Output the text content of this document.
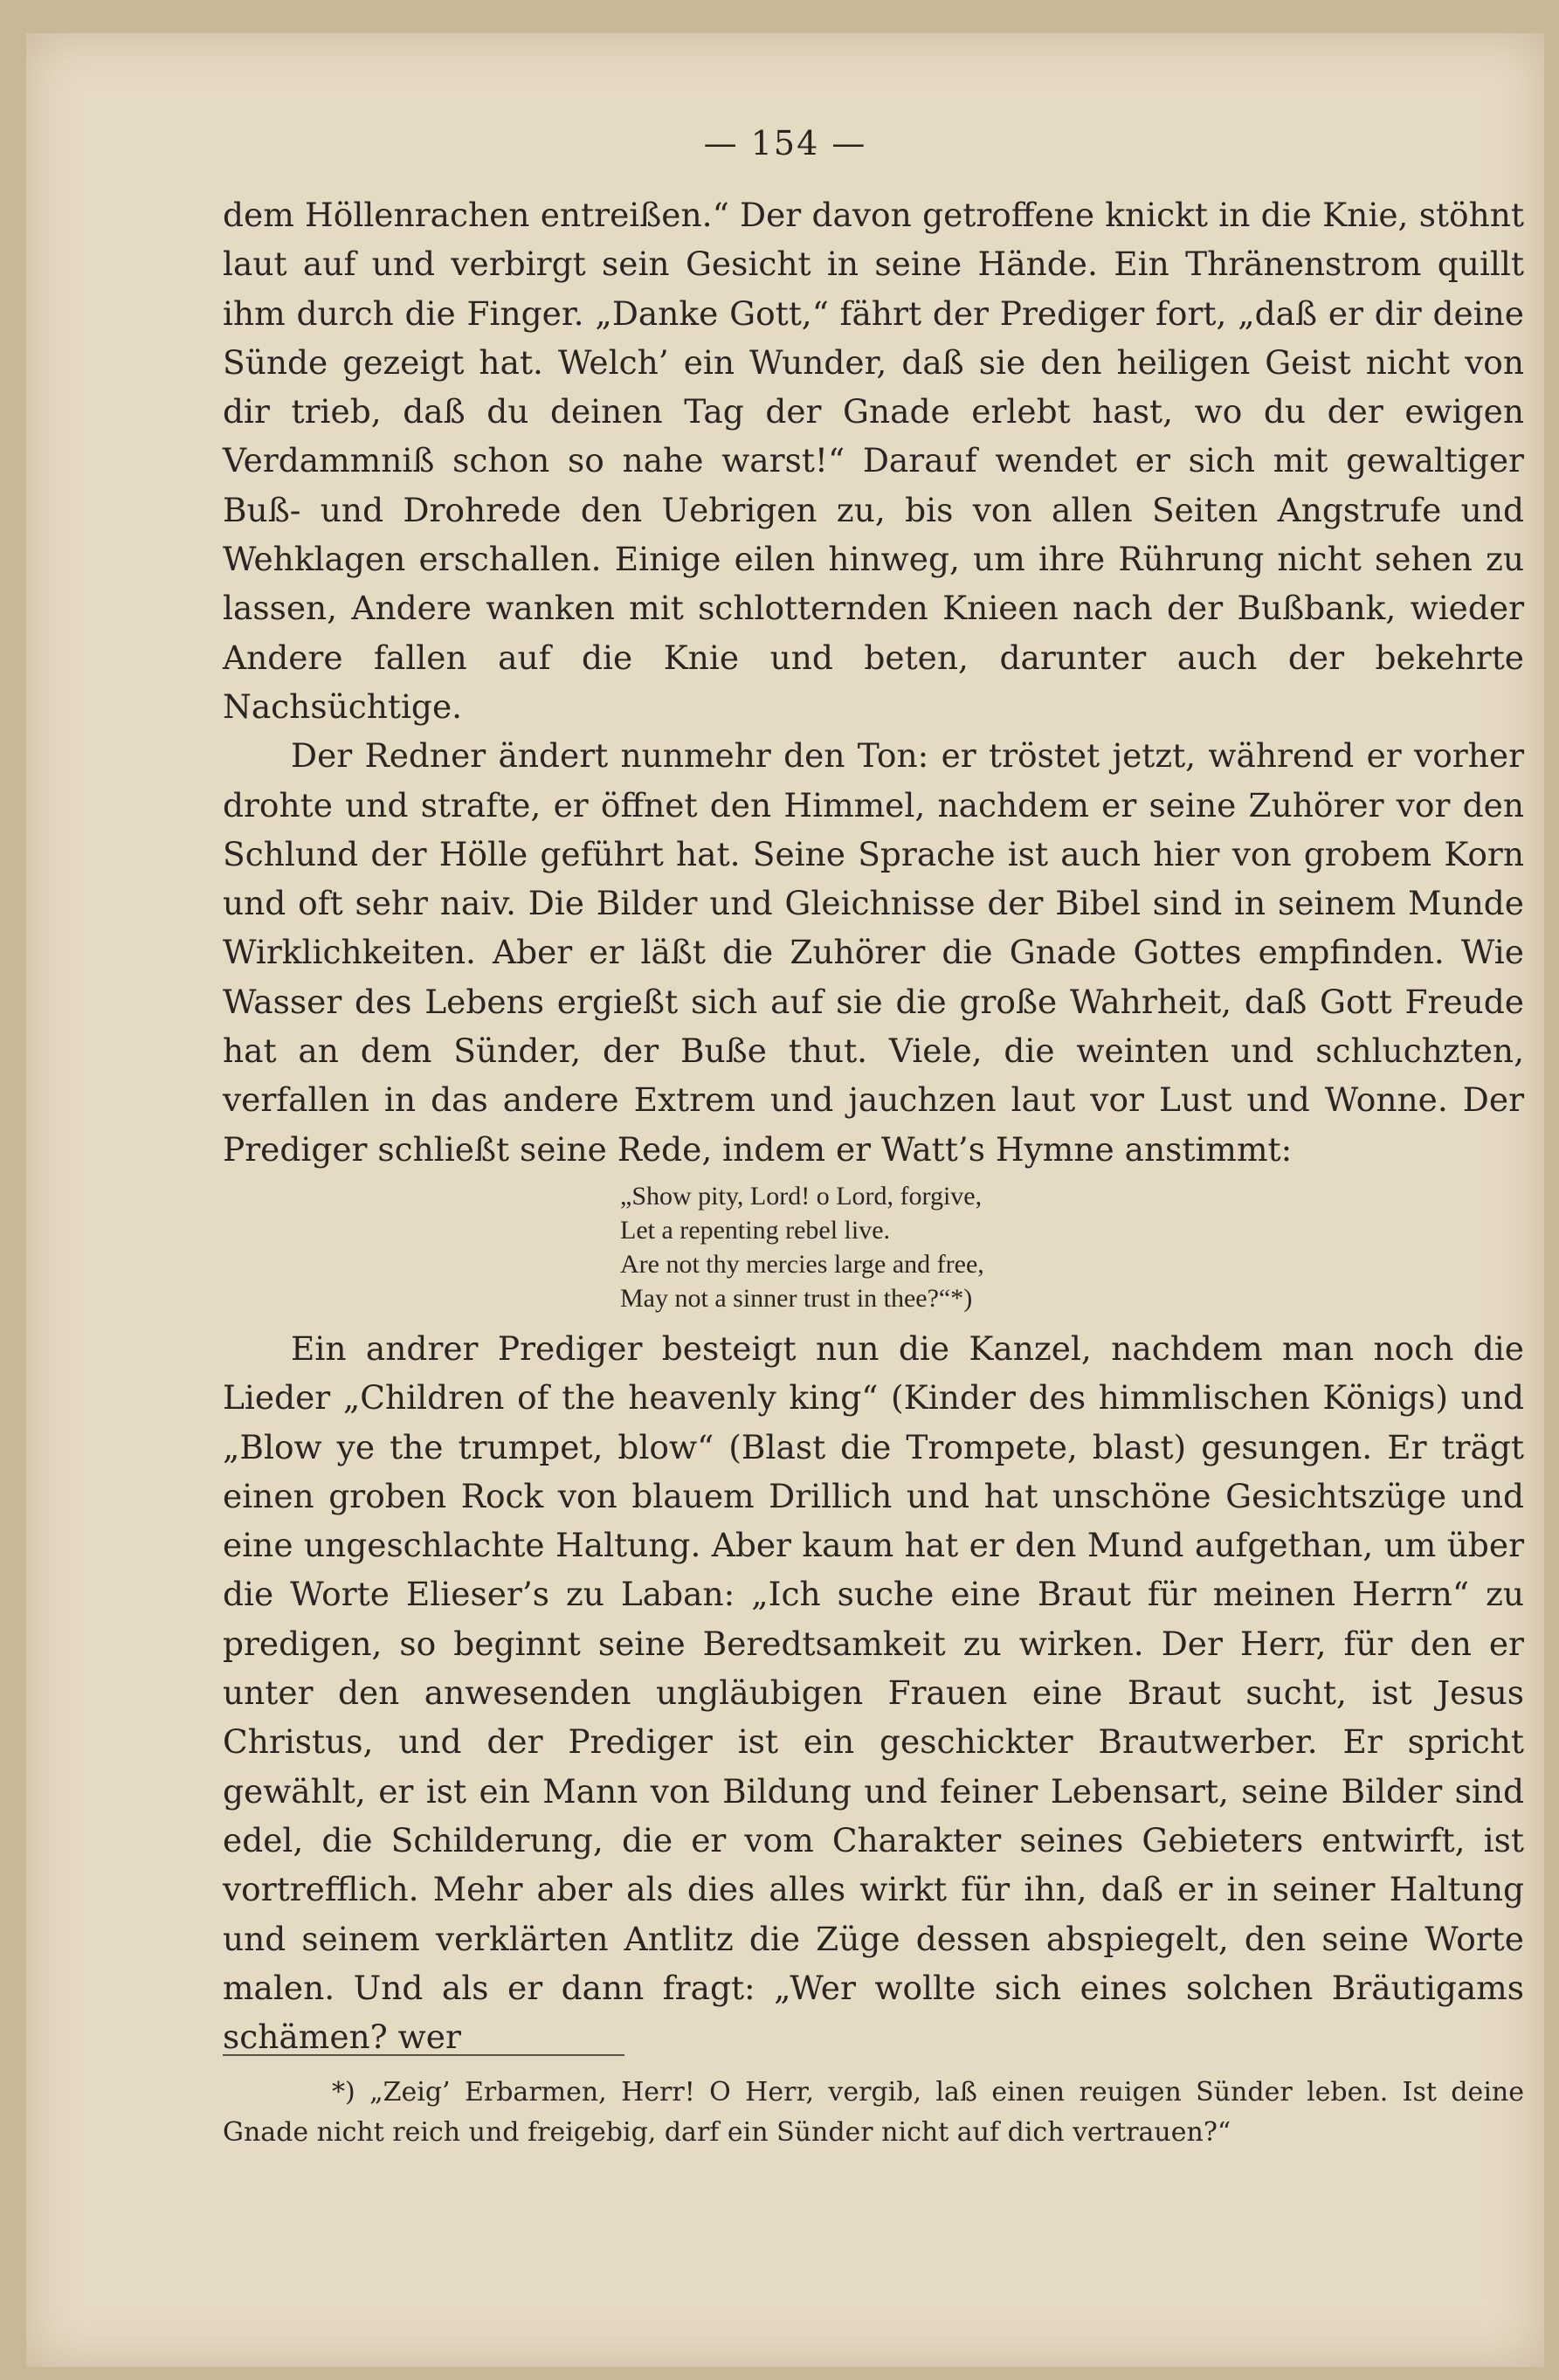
— 154 —

dem Höllenrachen entreißen.“ Der davon getroffene knickt in die Knie, stöhnt laut auf und verbirgt sein Gesicht in seine Hände. Ein Thränenstrom quillt ihm durch die Finger. „Danke Gott,“ fährt der Prediger fort, „daß er dir deine Sünde gezeigt hat. Welch’ ein Wunder, daß sie den heiligen Geist nicht von dir trieb, daß du deinen Tag der Gnade erlebt hast, wo du der ewigen Verdammniß schon so nahe warst!“ Darauf wendet er sich mit gewaltiger Buß- und Drohrede den Uebrigen zu, bis von allen Seiten Angstrufe und Wehklagen erschallen. Einige eilen hinweg, um ihre Rührung nicht sehen zu lassen, Andere wanken mit schlotternden Knieen nach der Bußbank, wieder Andere fallen auf die Knie und beten, darunter auch der bekehrte Nachsüchtige.

Der Redner ändert nunmehr den Ton: er tröstet jetzt, während er vorher drohte und strafte, er öffnet den Himmel, nachdem er seine Zuhörer vor den Schlund der Hölle geführt hat. Seine Sprache ist auch hier von grobem Korn und oft sehr naiv. Die Bilder und Gleichnisse der Bibel sind in seinem Munde Wirklichkeiten. Aber er läßt die Zuhörer die Gnade Gottes empfinden. Wie Wasser des Lebens ergießt sich auf sie die große Wahrheit, daß Gott Freude hat an dem Sünder, der Buße thut. Viele, die weinten und schluchzten, verfallen in das andere Extrem und jauchzen laut vor Lust und Wonne. Der Prediger schließt seine Rede, indem er Watt’s Hymne anstimmt:

„Show pity, Lord! o Lord, forgive,
Let a repenting rebel live.
Are not thy mercies large and free,
May not a sinner trust in thee?“*)

Ein andrer Prediger besteigt nun die Kanzel, nachdem man noch die Lieder „Children of the heavenly king“ (Kinder des himmlischen Königs) und „Blow ye the trumpet, blow“ (Blast die Trompete, blast) gesungen. Er trägt einen groben Rock von blauem Drillich und hat unschöne Gesichtszüge und eine ungeschlachte Haltung. Aber kaum hat er den Mund aufgethan, um über die Worte Elieser’s zu Laban: „Ich suche eine Braut für meinen Herrn“ zu predigen, so beginnt seine Beredtsamkeit zu wirken. Der Herr, für den er unter den anwesenden ungläubigen Frauen eine Braut sucht, ist Jesus Christus, und der Prediger ist ein geschickter Brautwerber. Er spricht gewählt, er ist ein Mann von Bildung und feiner Lebensart, seine Bilder sind edel, die Schilderung, die er vom Charakter seines Gebieters entwirft, ist vortrefflich. Mehr aber als dies alles wirkt für ihn, daß er in seiner Haltung und seinem verklärten Antlitz die Züge dessen abspiegelt, den seine Worte malen. Und als er dann fragt: „Wer wollte sich eines solchen Bräutigams schämen? wer

*) „Zeig’ Erbarmen, Herr! O Herr, vergib, laß einen reuigen Sünder leben. Ist deine Gnade nicht reich und freigebig, darf ein Sünder nicht auf dich vertrauen?“
